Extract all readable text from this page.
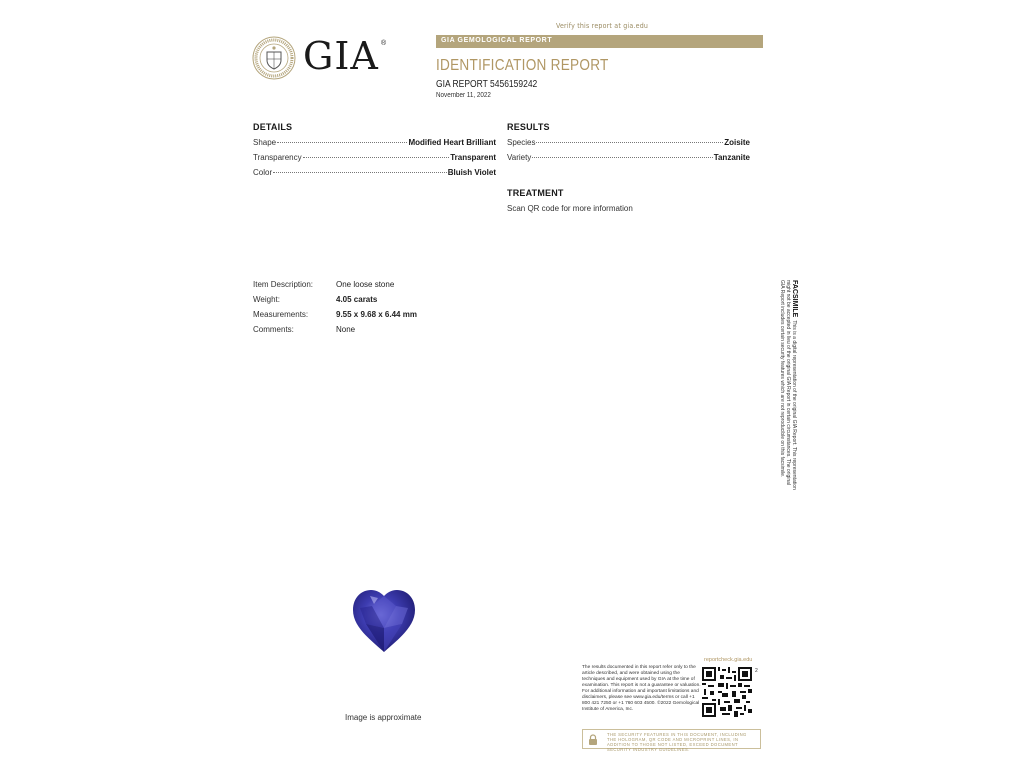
Verify this report at gia.edu
GIA ®	GIA GEMOLOGICAL REPORT
IDENTIFICATION REPORT
GIA REPORT 5456159242
November 11, 2022
DETAILS
Shape	Modified Heart Brilliant
Transparency	Transparent
Color	Bluish Violet
RESULTS
Species	Zoisite
Variety	Tanzanite
TREATMENT
Scan QR code for more information
Item Description:	One loose stone
Weight:	4.05 carats
Measurements:	9.55 x 9.68 x 6.44 mm
Comments:	None
FACSIMILEThis is a digital representation of the original GIA Report. This representation
might not be accepted in lieu of the original GIA Report in certain circumstances. The original
GIA Report includes certain security features which are not reproducible on this facsimile.
Image is approximate
The results documented in this report refer only to the article described, and were obtained using the techniques and equipment used by GIA at the time of examination. This report is not a guarantee or valuation. For additional information and important limitations and disclaimers, please see www.gia.edu/terms or call +1 800 421 7250 or +1 760 603 4500. ©2022 Gemological Institute of America, Inc.
reportcheck.gia.edu
2
THE SECURITY FEATURES IN THIS DOCUMENT, INCLUDING THE HOLOGRAM, QR CODE AND MICROPRINT LINES, IN ADDITION TO THOSE NOT LISTED, EXCEED DOCUMENT SECURITY INDUSTRY GUIDELINES.
